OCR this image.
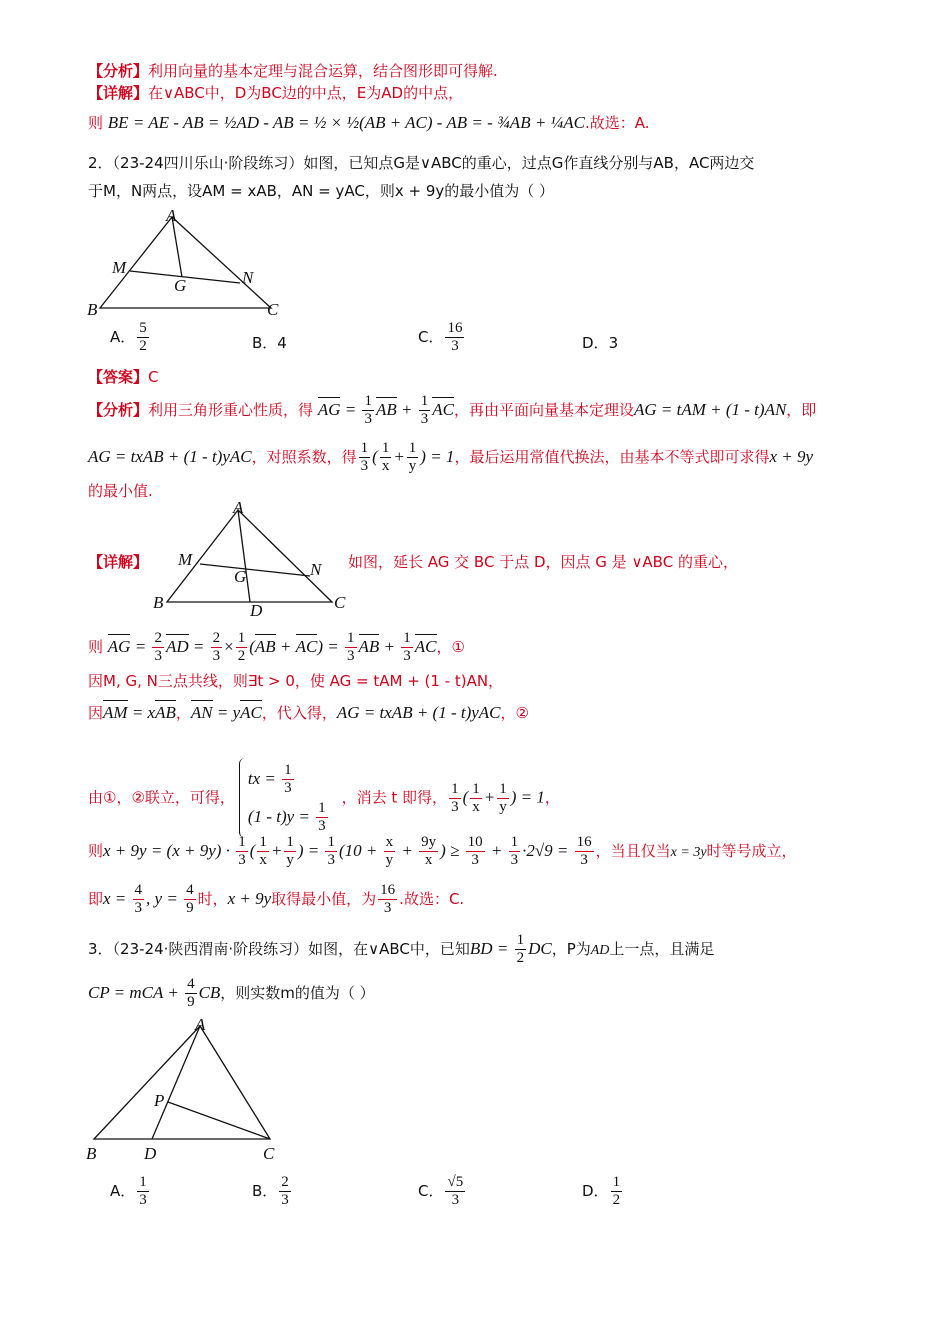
【分析】利用向量的基本定理与混合运算，结合图形即可得解.
【详解】在∨ABC中，D为BC边的中点，E为AD的中点，
则 BE = AE - AB = ½AD - AB = ½ × ½(AB + AC) - AB = - ¾AB + ¼AC.故选：A.
2．（23-24四川乐山·阶段练习）如图，已知点G是∨ABC的重心，过点G作直线分别与AB，AC两边交
于M，N两点，设AM = xAB，AN = yAC，则x + 9y的最小值为（ ）
A
M
N
G
B	C
A． $\frac{5}{2}$	B．4	C． $\frac{16}{3}$	D．3
【答案】C
【分析】利用三角形重心性质，得 AG = $\frac{1}{3}$ AB + $\frac{1}{3}$ AC，再由平面向量基本定理设AG = tAM + (1 - t)AN，即
AG = txAB + (1 - t)yAC，对照系数，得 $\frac{1}{3}$ ( $\frac{1}{x} + \frac{1}{y}$ ) = 1，最后运用常值代换法，由基本不等式即可求得x + 9y
的最小值.
A
M
N
G
B	D	C
【详解】	如图，延长 AG 交 BC 于点 D，因点 G 是 ∨ABC 的重心，
则 AG = $\frac{2}{3}$ AD = $\frac{2}{3} \times \frac{1}{2} (AB + AC) = \frac{1}{3}$ AB + $\frac{1}{3}$ AC，①
因M, G, N三点共线，则∃t > 0，使 AG = tAM + (1 - t)AN，
因AM = xAB，AN = yAC，代入得，AG = txAB + (1 - t)yAC，②
由①，②联立，可得，
tx = $\frac{1}{3}$
$(1 - t)y = \frac{1}{3}$
，消去 t 即得， $\frac{1}{3}$ ( $\frac{1}{x} + \frac{1}{y}$ ) = 1，
则$x + 9y = (x + 9y) \cdot \frac{1}{3}$ ( $\frac{1}{x} + \frac{1}{y}$ ) = $\frac{1}{3} (10 + \frac{x}{y} + \frac{9y}{x}$ ) ≥ $\frac{10}{3} + \frac{1}{3} \cdot 2√9 = \frac{16}{3}$ ，当且仅当x = 3y时等号成立，
即$x = \frac{4}{3}$ , $y = \frac{4}{9}$ 时，x + 9y取得最小值，为 $\frac{16}{3}$ .故选：C.
3．（23-24·陕西渭南·阶段练习）如图，在∨ABC中，已知BD = $\frac{1}{2}$ DC，P为AD上一点，且满足
CP = mCA + $\frac{4}{9}$ CB，则实数m的值为（ ）
A
P
B	D	C
A． $\frac{1}{3}$	B． $\frac{2}{3}$	C． $\frac{√5}{3}$	D． $\frac{1}{2}$
